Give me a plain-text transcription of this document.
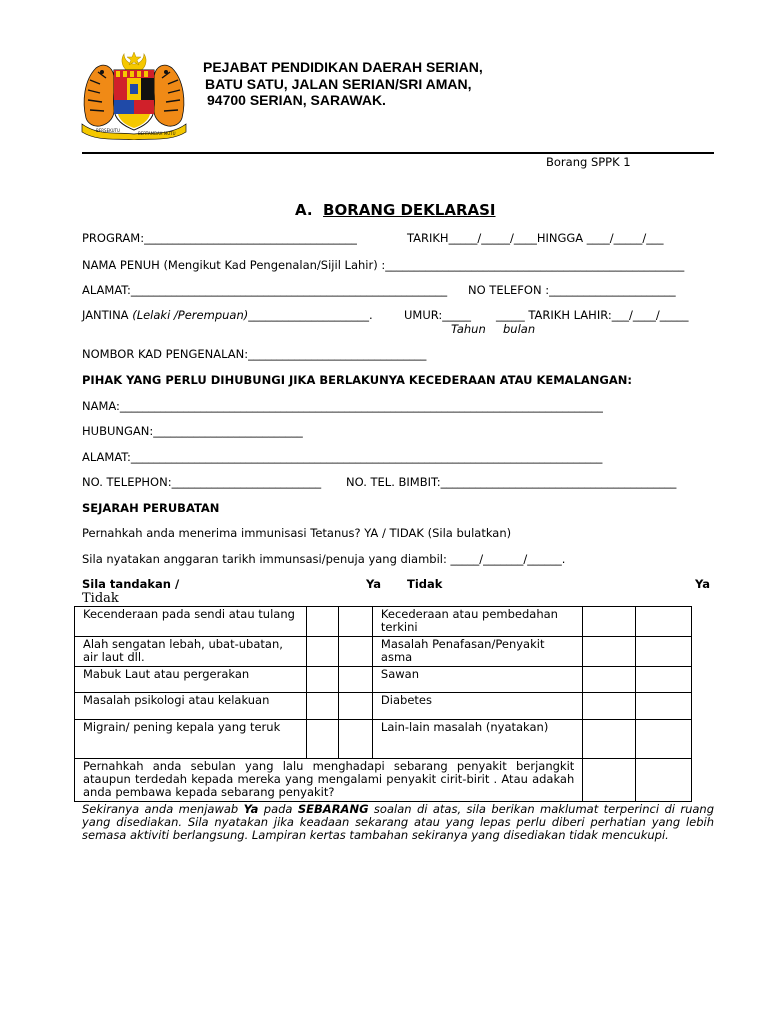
BERSEKUTU
BERTAMBAH MUTU
PEJABAT PENDIDIKAN DAERAH SERIAN,
BATU SATU, JALAN SERIAN/SRI AMAN,
94700 SERIAN, SARAWAK.
Borang SPPK 1
A. BORANG DEKLARASI
PROGRAM:_____________________________________	TARIKH_____/_____/____HINGGA ____/_____/___
NAMA PENUH (Mengikut Kad Pengenalan/Sijil Lahir) :____________________________________________________
ALAMAT:_______________________________________________________ NO TELEFON :______________________
JANTINA (Lelaki /Perempuan)_____________________.	UMUR:_____ _____ TARIKH LAHIR:___/____/_____
Tahun bulan
NOMBOR KAD PENGENALAN:_______________________________
PIHAK YANG PERLU DIHUBUNGI JIKA BERLAKUNYA KECEDERAAN ATAU KEMALANGAN:
NAMA:____________________________________________________________________________________
HUBUNGAN:__________________________
ALAMAT:__________________________________________________________________________________
NO. TELEPHON:__________________________ NO. TEL. BIMBIT:_________________________________________
SEJARAH PERUBATAN
Pernahkah anda menerima immunisasi Tetanus? YA / TIDAK (Sila bulatkan)
Sila nyatakan anggaran tarikh immunsasi/penuja yang diambil: _____/_______/______.
Sila tandakan /	Ya Tidak	Ya
Tidak
Kecenderaan pada sendi atau tulang			Kecederaan atau pembedahan terkini		
Alah sengatan lebah, ubat-ubatan, air laut dll.			Masalah Penafasan/Penyakit asma		
Mabuk Laut atau pergerakan			Sawan		
Masalah psikologi atau kelakuan			Diabetes		
Migrain/ pening kepala yang teruk			Lain-lain masalah (nyatakan)		
Pernahkah anda sebulan yang lalu menghadapi sebarang penyakit berjangkit ataupun terdedah kepada mereka yang mengalami penyakit cirit-birit . Atau adakah anda pembawa kepada sebarang penyakit?					
Sekiranya anda menjawab Ya pada SEBARANG soalan di atas, sila berikan maklumat terperinci di ruang yang disediakan. Sila nyatakan jika keadaan sekarang atau yang lepas perlu diberi perhatian yang lebih semasa aktiviti berlangsung. Lampiran kertas tambahan sekiranya yang disediakan tidak mencukupi.
